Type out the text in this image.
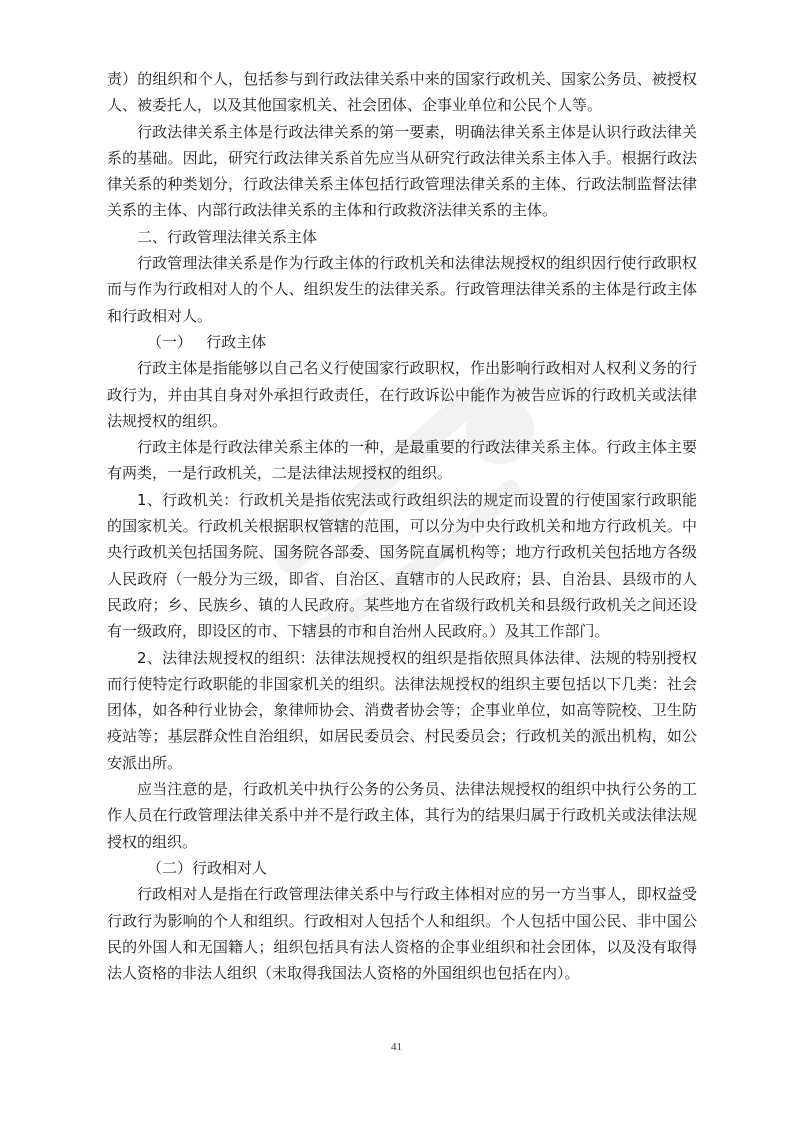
责）的组织和个人，包括参与到行政法律关系中来的国家行政机关、国家公务员、被授权人、被委托人，以及其他国家机关、社会团体、企事业单位和公民个人等。

行政法律关系主体是行政法律关系的第一要素，明确法律关系主体是认识行政法律关系的基础。因此，研究行政法律关系首先应当从研究行政法律关系主体入手。根据行政法律关系的种类划分，行政法律关系主体包括行政管理法律关系的主体、行政法制监督法律关系的主体、内部行政法律关系的主体和行政救济法律关系的主体。

二、行政管理法律关系主体

行政管理法律关系是作为行政主体的行政机关和法律法规授权的组织因行使行政职权而与作为行政相对人的个人、组织发生的法律关系。行政管理法律关系的主体是行政主体和行政相对人。

（一）   行政主体

行政主体是指能够以自己名义行使国家行政职权，作出影响行政相对人权利义务的行政行为，并由其自身对外承担行政责任，在行政诉讼中能作为被告应诉的行政机关或法律法规授权的组织。

行政主体是行政法律关系主体的一种，是最重要的行政法律关系主体。行政主体主要有两类，一是行政机关，二是法律法规授权的组织。

1、行政机关：行政机关是指依宪法或行政组织法的规定而设置的行使国家行政职能的国家机关。行政机关根据职权管辖的范围，可以分为中央行政机关和地方行政机关。中央行政机关包括国务院、国务院各部委、国务院直属机构等；地方行政机关包括地方各级人民政府（一般分为三级，即省、自治区、直辖市的人民政府；县、自治县、县级市的人民政府；乡、民族乡、镇的人民政府。某些地方在省级行政机关和县级行政机关之间还设有一级政府，即设区的市、下辖县的市和自治州人民政府。）及其工作部门。

2、法律法规授权的组织：法律法规授权的组织是指依照具体法律、法规的特别授权而行使特定行政职能的非国家机关的组织。法律法规授权的组织主要包括以下几类：社会团体，如各种行业协会，象律师协会、消费者协会等；企事业单位，如高等院校、卫生防疫站等；基层群众性自治组织，如居民委员会、村民委员会；行政机关的派出机构，如公安派出所。

应当注意的是，行政机关中执行公务的公务员、法律法规授权的组织中执行公务的工作人员在行政管理法律关系中并不是行政主体，其行为的结果归属于行政机关或法律法规授权的组织。

（二）行政相对人

行政相对人是指在行政管理法律关系中与行政主体相对应的另一方当事人，即权益受行政行为影响的个人和组织。行政相对人包括个人和组织。个人包括中国公民、非中国公民的外国人和无国籍人；组织包括具有法人资格的企事业组织和社会团体，以及没有取得法人资格的非法人组织（未取得我国法人资格的外国组织也包括在内）。

41
